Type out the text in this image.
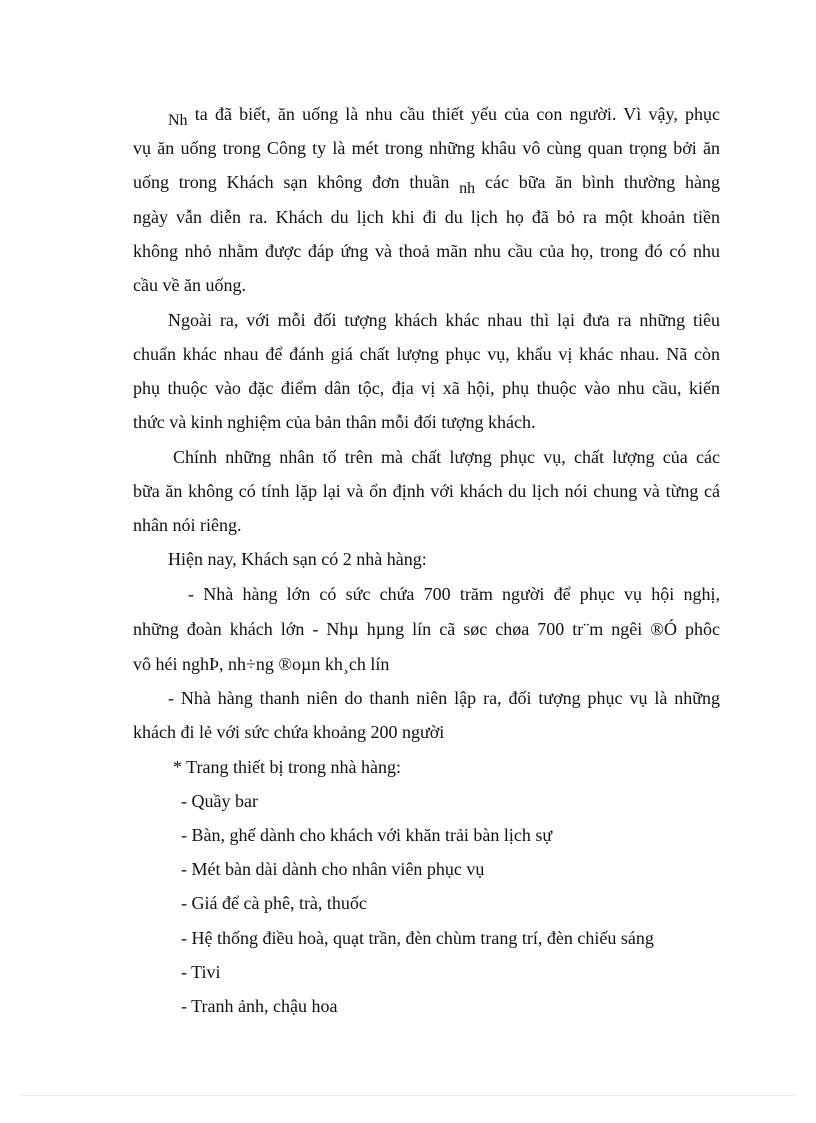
Nh ta đã biết, ăn uống là nhu cầu thiết yếu của con người. Vì vậy, phục
vụ ăn uống trong Công ty là mét trong những khâu vô cùng quan trọng bởi ăn
uống trong Khách sạn không đơn thuần nh các bữa ăn bình thường hàng
ngày vẫn diễn ra. Khách du lịch khi đi du lịch họ đã bỏ ra một khoản tiền
không nhỏ nhằm được đáp ứng và thoả mãn nhu cầu của họ, trong đó có nhu
cầu về ăn uống.
Ngoài ra, với mỗi đối tượng khách khác nhau thì lại đưa ra những tiêu
chuẩn khác nhau để đánh giá chất lượng phục vụ, khẩu vị khác nhau. Nã còn
phụ thuộc vào đặc điểm dân tộc, địa vị xã hội, phụ thuộc vào nhu cầu, kiến
thức và kinh nghiệm của bản thân mỗi đối tượng khách.
Chính những nhân tố trên mà chất lượng phục vụ, chất lượng của các
bữa ăn không có tính lặp lại và ổn định với khách du lịch nói chung và từng cá
nhân nói riêng.
Hiện nay, Khách sạn có 2 nhà hàng:
- Nhà hàng lớn có sức chứa 700 trăm người để phục vụ hội nghị,
những đoàn khách lớn - Nhµ hµng lín cã søc chøa 700 tr¨m ngêi ®Ó phôc
vô héi nghÞ, nh÷ng ®oµn kh¸ch lín
- Nhà hàng thanh niên do thanh niên lập ra, đối tượng phục vụ là những
khách đi lẻ với sức chứa khoảng 200 người
* Trang thiết bị trong nhà hàng:
- Quầy bar
- Bàn, ghế dành cho khách với khăn trải bàn lịch sự
- Mét bàn dài dành cho nhân viên phục vụ
- Giá để cà phê, trà, thuốc
- Hệ thống điều hoà, quạt trần, đèn chùm trang trí, đèn chiếu sáng
- Tivi
- Tranh ảnh, chậu hoa
